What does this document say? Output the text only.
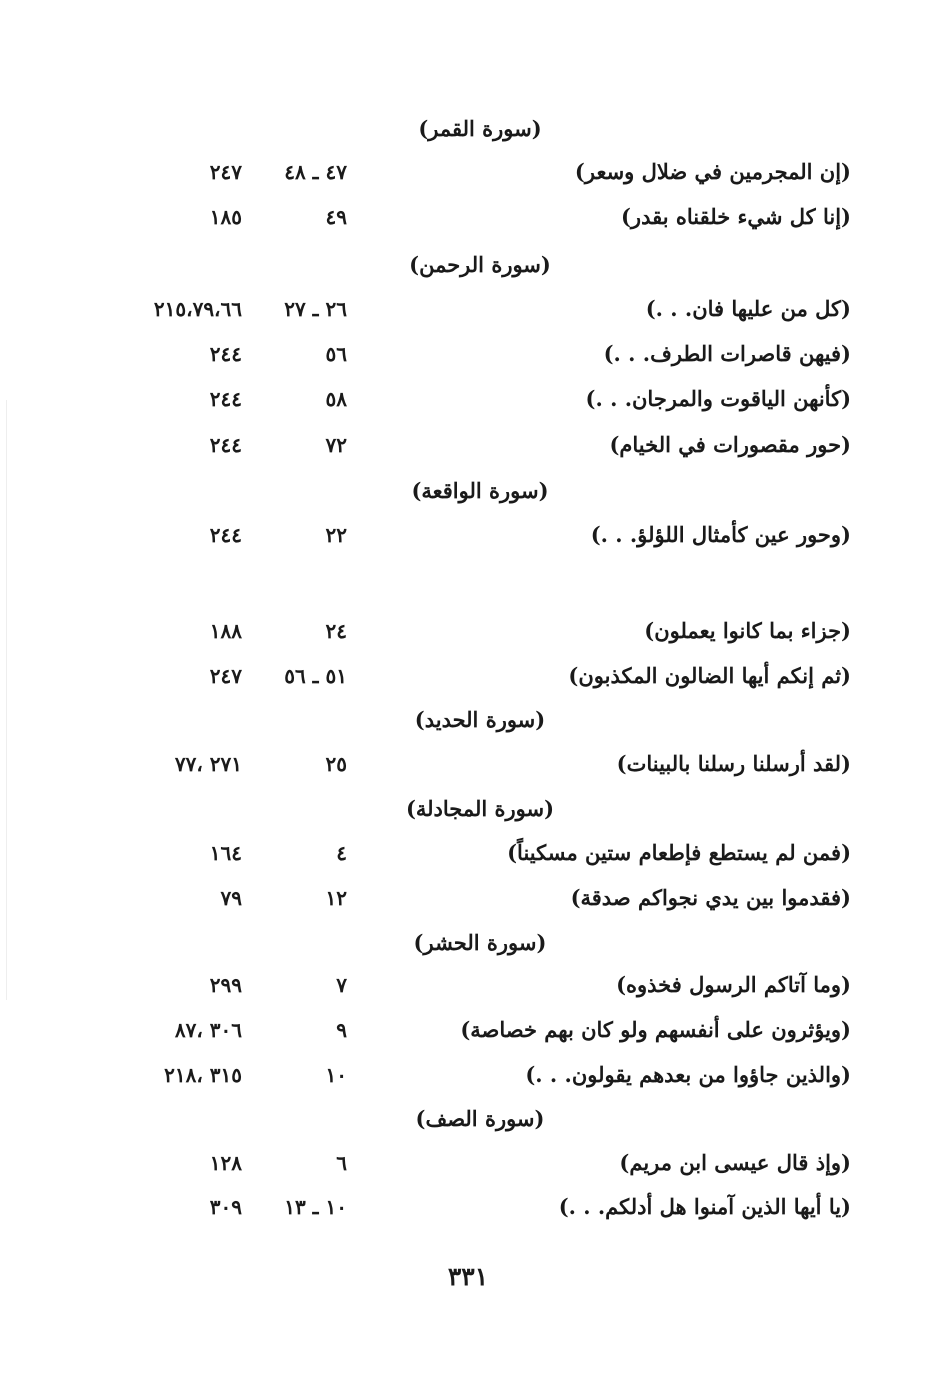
(سورة القمر)
(إن المجرمين في ضلال وسعر)
٤٧ ـ ٤٨
٢٤٧
(إنا كل شيء خلقناه بقدر)
٤٩
١٨٥
(سورة الرحمن)
(كل من عليها فان. . .)
٢٦ ـ ٢٧
٢١٥،٧٩،٦٦
(فيهن قاصرات الطرف. . .)
٥٦
٢٤٤
(كأنهن الياقوت والمرجان. . .)
٥٨
٢٤٤
(حور مقصورات في الخيام)
٧٢
٢٤٤
(سورة الواقعة)
(وحور عين كأمثال اللؤلؤ. . .)
٢٢
٢٤٤
(جزاء بما كانوا يعملون)
٢٤
١٨٨
(ثم إنكم أيها الضالون المكذبون)
٥١ ـ ٥٦
٢٤٧
(سورة الحديد)
(لقد أرسلنا رسلنا بالبينات)
٢٥
٢٧١ ،٧٧
(سورة المجادلة)
(فمن لم يستطع فإطعام ستين مسكيناً)
٤
١٦٤
(فقدموا بين يدي نجواكم صدقة)
١٢
٧٩
(سورة الحشر)
(وما آتاكم الرسول فخذوه)
٧
٢٩٩
(ويؤثرون على أنفسهم ولو كان بهم خصاصة)
٩
٣٠٦ ،٨٧
(والذين جاؤوا من بعدهم يقولون. . .)
١٠
٣١٥ ،٢١٨
(سورة الصف)
(وإذ قال عيسى ابن مريم)
٦
١٢٨
(يا أيها الذين آمنوا هل أدلكم. . .)
١٠ ـ ١٣
٣٠٩
٣٣١
